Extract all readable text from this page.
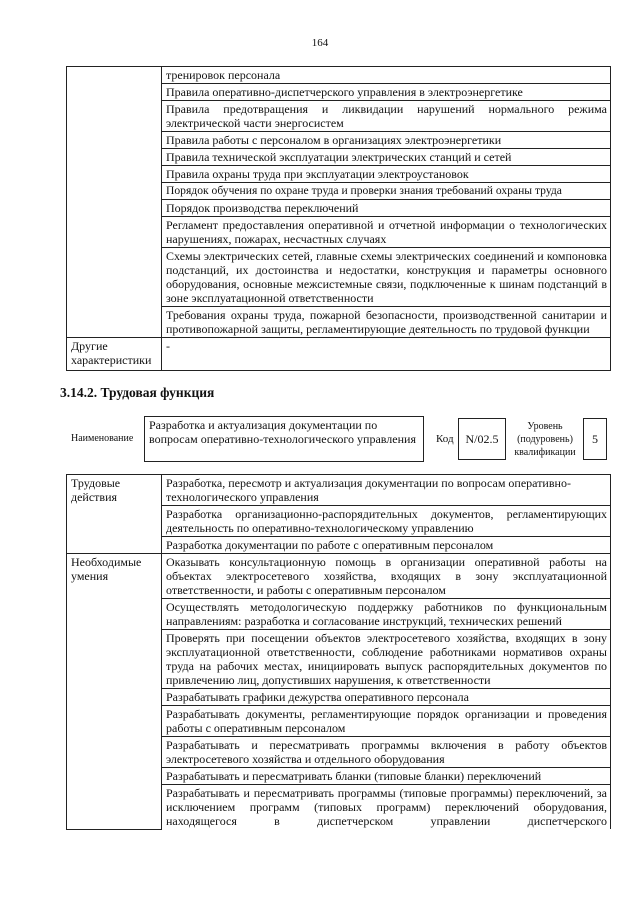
164
	тренировок персонала
	Правила оперативно-диспетчерского управления в электроэнергетике
	Правила предотвращения и ликвидации нарушений нормального режима электрической части энергосистем
	Правила работы с персоналом в организациях электроэнергетики
	Правила технической эксплуатации электрических станций и сетей
	Правила охраны труда при эксплуатации электроустановок
	Порядок обучения по охране труда и проверки знания требований охраны труда
	Порядок производства переключений
	Регламент предоставления оперативной и отчетной информации о технологических нарушениях, пожарах, несчастных случаях
	Схемы электрических сетей, главные схемы электрических соединений и компоновка подстанций, их достоинства и недостатки, конструкция и параметры основного оборудования, основные межсистемные связи, подключенные к шинам подстанций в зоне эксплуатационной ответственности
	Требования охраны труда, пожарной безопасности, производственной санитарии и противопожарной защиты, регламентирующие деятельность по трудовой функции
Другие характеристики	-
3.14.2. Трудовая функция
Наименование
Разработка и актуализация документации по вопросам оперативно-технологического управления	Код N/02.5
Уровень (подуровень) квалификации
5
Трудовые действия	Разработка, пересмотр и актуализация документации по вопросам оперативно-технологического управления
	Разработка организационно-распорядительных документов, регламентирующих деятельность по оперативно-технологическому управлению
	Разработка документации по работе с оперативным персоналом
Необходимые умения	Оказывать консультационную помощь в организации оперативной работы на объектах электросетевого хозяйства, входящих в зону эксплуатационной ответственности, и работы с оперативным персоналом
	Осуществлять методологическую поддержку работников по функциональным направлениям: разработка и согласование инструкций, технических решений
	Проверять при посещении объектов электросетевого хозяйства, входящих в зону эксплуатационной ответственности, соблюдение работниками нормативов охраны труда на рабочих местах, инициировать выпуск распорядительных документов по привлечению лиц, допустивших нарушения, к ответственности
	Разрабатывать графики дежурства оперативного персонала
	Разрабатывать документы, регламентирующие порядок организации и проведения работы с оперативным персоналом
	Разрабатывать и пересматривать программы включения в работу объектов электросетевого хозяйства и отдельного оборудования
	Разрабатывать и пересматривать бланки (типовые бланки) переключений
	Разрабатывать и пересматривать программы (типовые программы) переключений, за исключением программ (типовых программ) переключений оборудования, находящегося в диспетчерском управлении диспетчерского
